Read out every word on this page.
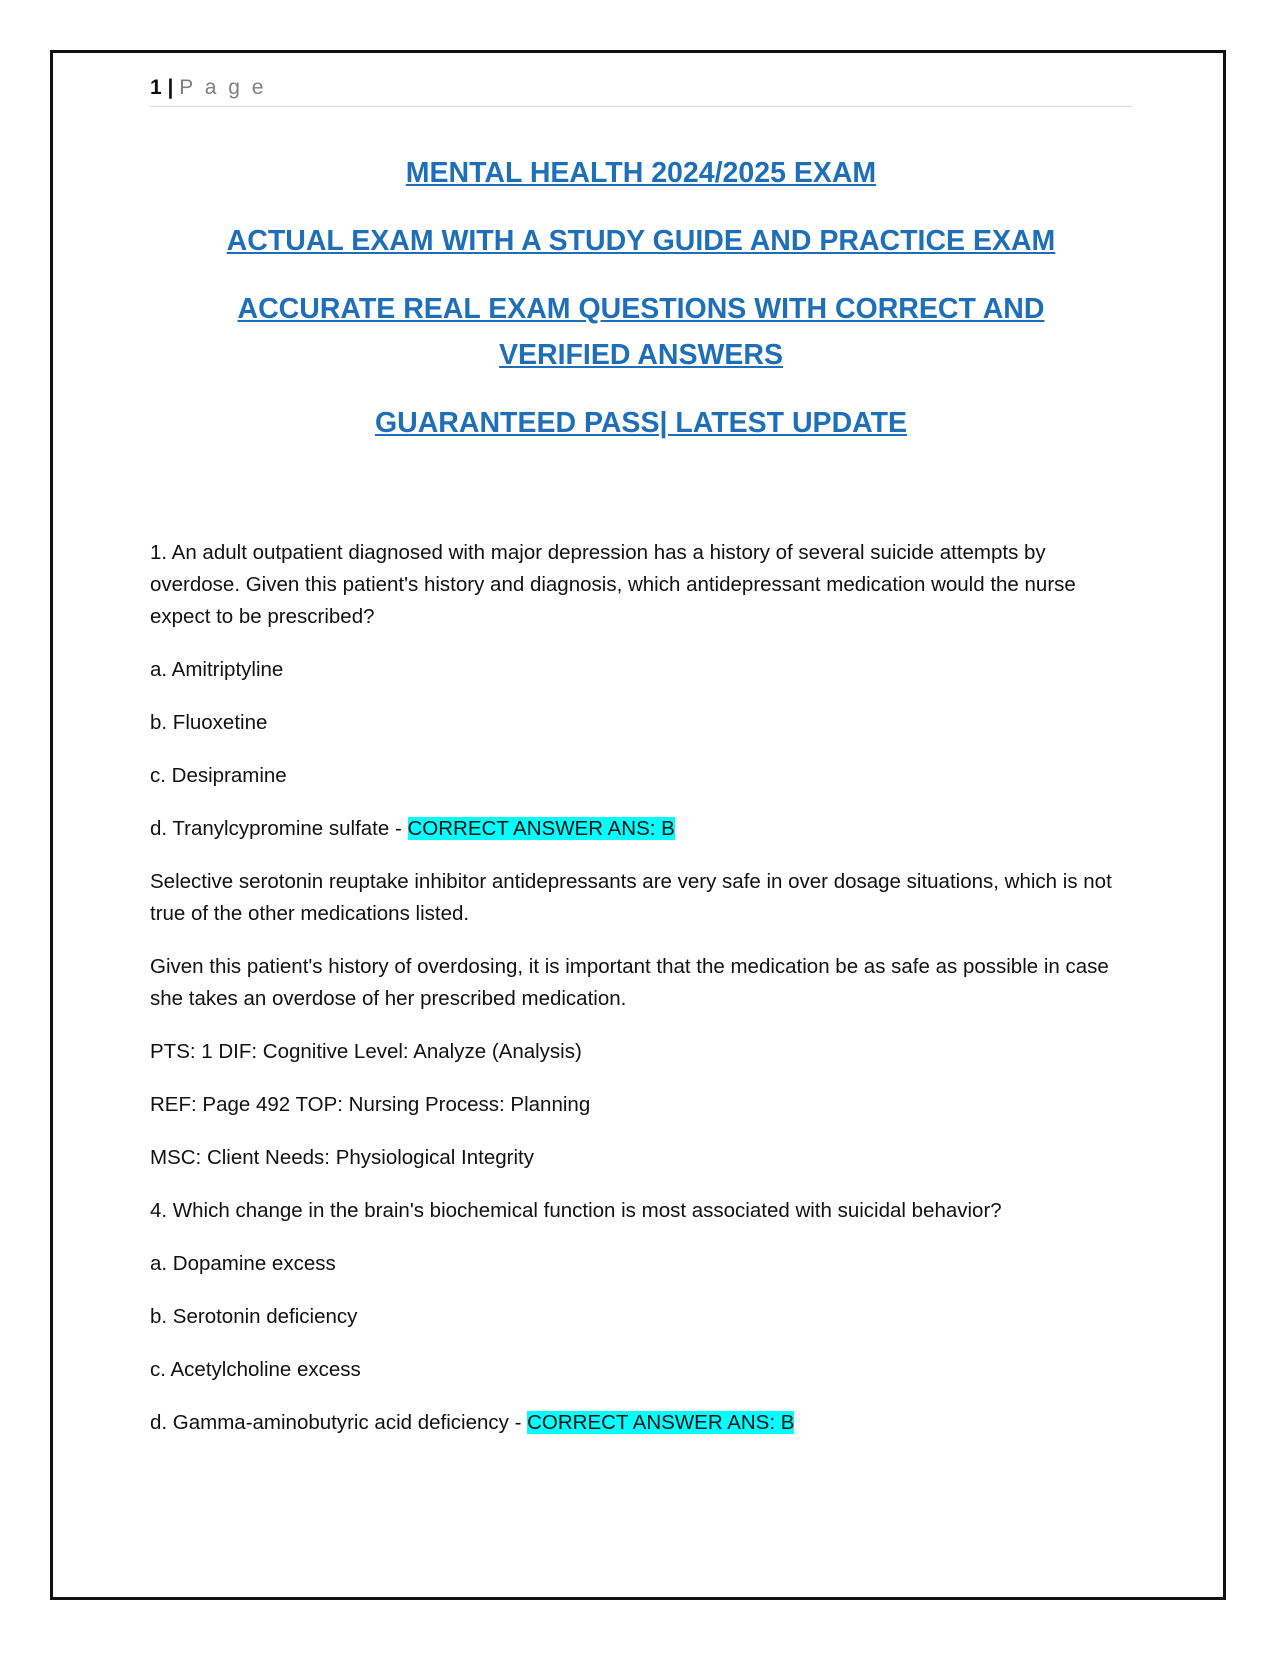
1 | P a g e
MENTAL HEALTH 2024/2025 EXAM
ACTUAL EXAM WITH A STUDY GUIDE AND PRACTICE EXAM
ACCURATE REAL EXAM QUESTIONS WITH CORRECT AND VERIFIED ANSWERS
GUARANTEED PASS| LATEST UPDATE

1. An adult outpatient diagnosed with major depression has a history of several suicide attempts by overdose. Given this patient's history and diagnosis, which antidepressant medication would the nurse expect to be prescribed?

a. Amitriptyline

b. Fluoxetine

c. Desipramine

d. Tranylcypromine sulfate - CORRECT ANSWER ANS: B

Selective serotonin reuptake inhibitor antidepressants are very safe in over dosage situations, which is not true of the other medications listed.

Given this patient's history of overdosing, it is important that the medication be as safe as possible in case she takes an overdose of her prescribed medication.

PTS: 1 DIF: Cognitive Level: Analyze (Analysis)

REF: Page 492 TOP: Nursing Process: Planning

MSC: Client Needs: Physiological Integrity

4. Which change in the brain's biochemical function is most associated with suicidal behavior?

a. Dopamine excess

b. Serotonin deficiency

c. Acetylcholine excess

d. Gamma-aminobutyric acid deficiency - CORRECT ANSWER ANS: B
